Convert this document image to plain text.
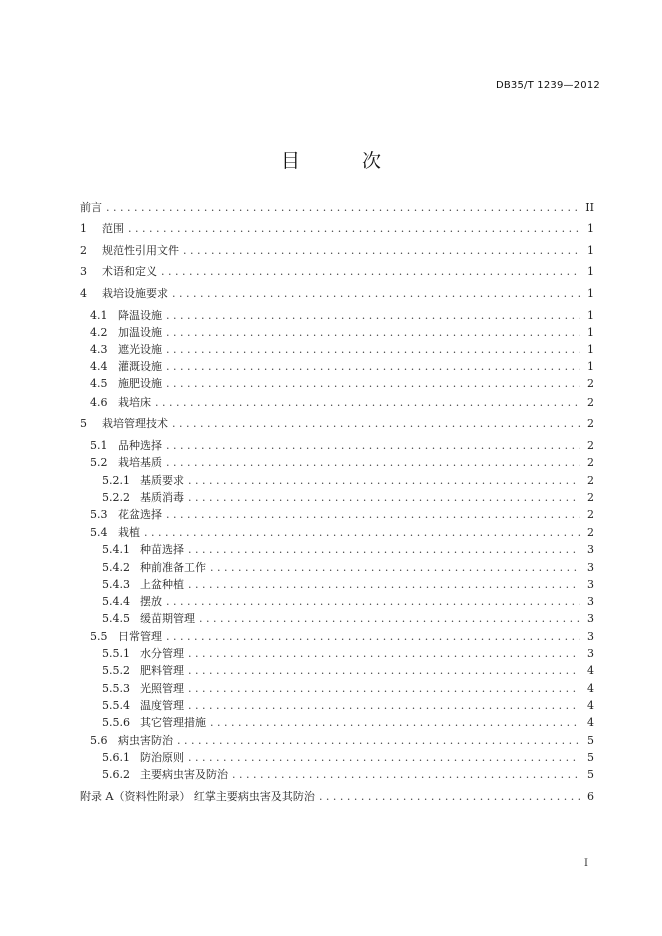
DB35/T 1239—2012
目 次
前言 . . .	II
1	范围 . . .	1
2	规范性引用文件 . . .	1
3	术语和定义 . . .	1
4	栽培设施要求 . . .	1
4.1 降温设施 . . .	1
4.2 加温设施 . . .	1
4.3 遮光设施 . . .	1
4.4 灌溉设施 . . .	1
4.5 施肥设施 . . .	2
4.6 栽培床 . . .	2
5	栽培管理技术 . . .	2
5.1 品种选择 . . .	2
5.2 栽培基质 . . .	2
5.2.1 基质要求 . . .	2
5.2.2 基质消毒 . . .	2
5.3 花盆选择 . . .	2
5.4 栽植 . . .	2
5.4.1 种苗选择 . . .	3
5.4.2 种前准备工作 . . .	3
5.4.3 上盆种植 . . .	3
5.4.4 摆放 . . .	3
5.4.5 缓苗期管理 . . .	3
5.5 日常管理 . . .	3
5.5.1 水分管理 . . .	3
5.5.2 肥料管理 . . .	4
5.5.3 光照管理 . . .	4
5.5.4 温度管理 . . .	4
5.5.6 其它管理措施 . . .	4
5.6 病虫害防治 . . .	5
5.6.1 防治原则 . . .	5
5.6.2 主要病虫害及防治 . . .	5
附录 A（资料性附录） 红掌主要病虫害及其防治 . . .	6
I
